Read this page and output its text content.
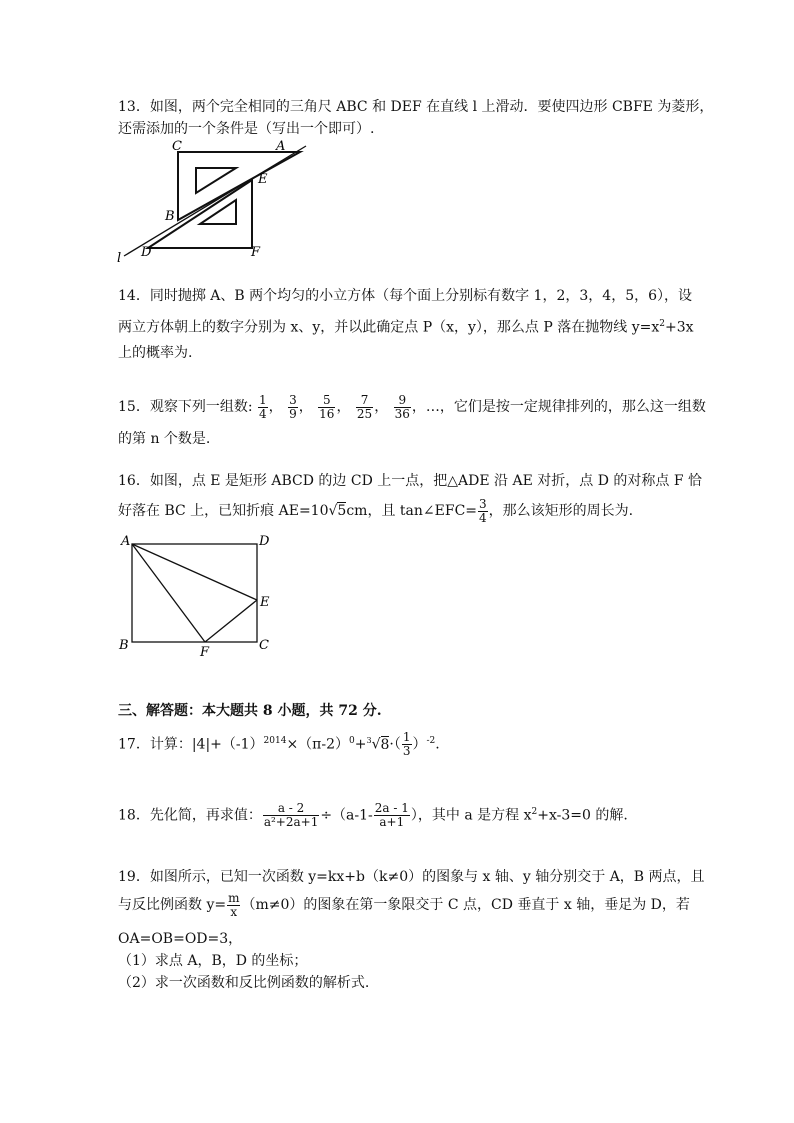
13．如图，两个完全相同的三角尺 ABC 和 DEF 在直线 l 上滑动．要使四边形 CBFE 为菱形，
还需添加的一个条件是（写出一个即可）.
C	A
E
B
D	F
l
14．同时抛掷 A、B 两个均匀的小立方体（每个面上分别标有数字 1，2，3，4，5，6），设
两立方体朝上的数字分别为 x、y，并以此确定点 P（x，y），那么点 P 落在抛物线 $y=x^2+3x$
上的概率为.
15．观察下列一组数: $\frac{1}{4}$ ， $\frac{3}{9}$ ， $\frac{5}{16}$ ， $\frac{7}{25}$ ， $\frac{9}{36}$ ，…，它们是按一定规律排列的，那么这一组数
的第 n 个数是.
16．如图，点 E 是矩形 ABCD 的边 CD 上一点，把△ADE 沿 AE 对折，点 D 的对称点 F 恰
好落在 BC 上，已知折痕 AE=10√5cm，且 tan∠EFC= $\frac{3}{4}$ ，那么该矩形的周长为.
A	D
E
B	F	C
三、解答题：本大题共 8 小题，共 72 分.
17．计算：$|4|+(-1)^{2014}\times(\pi-2)^0+^3√8\cdot( \frac{1}{3} )^{-2}$.
18．先化简，再求值： $\frac{a - 2}{\text{a²+2a+1}} \div(a-1- \frac{2a - 1}{a+1}$ ），其中 a 是方程 $x^2+x-3=0$ 的解.
19．如图所示，已知一次函数 y=kx+b（k≠0）的图象与 x 轴、y 轴分别交于 A，B 两点，且
与反比例函数 $y= \frac{m}{x} (m\ne 0)$的图象在第一象限交于 C 点，CD 垂直于 x 轴，垂足为 D，若
OA=OB=OD=3，
（1）求点 A，B，D 的坐标；
（2）求一次函数和反比例函数的解析式.
